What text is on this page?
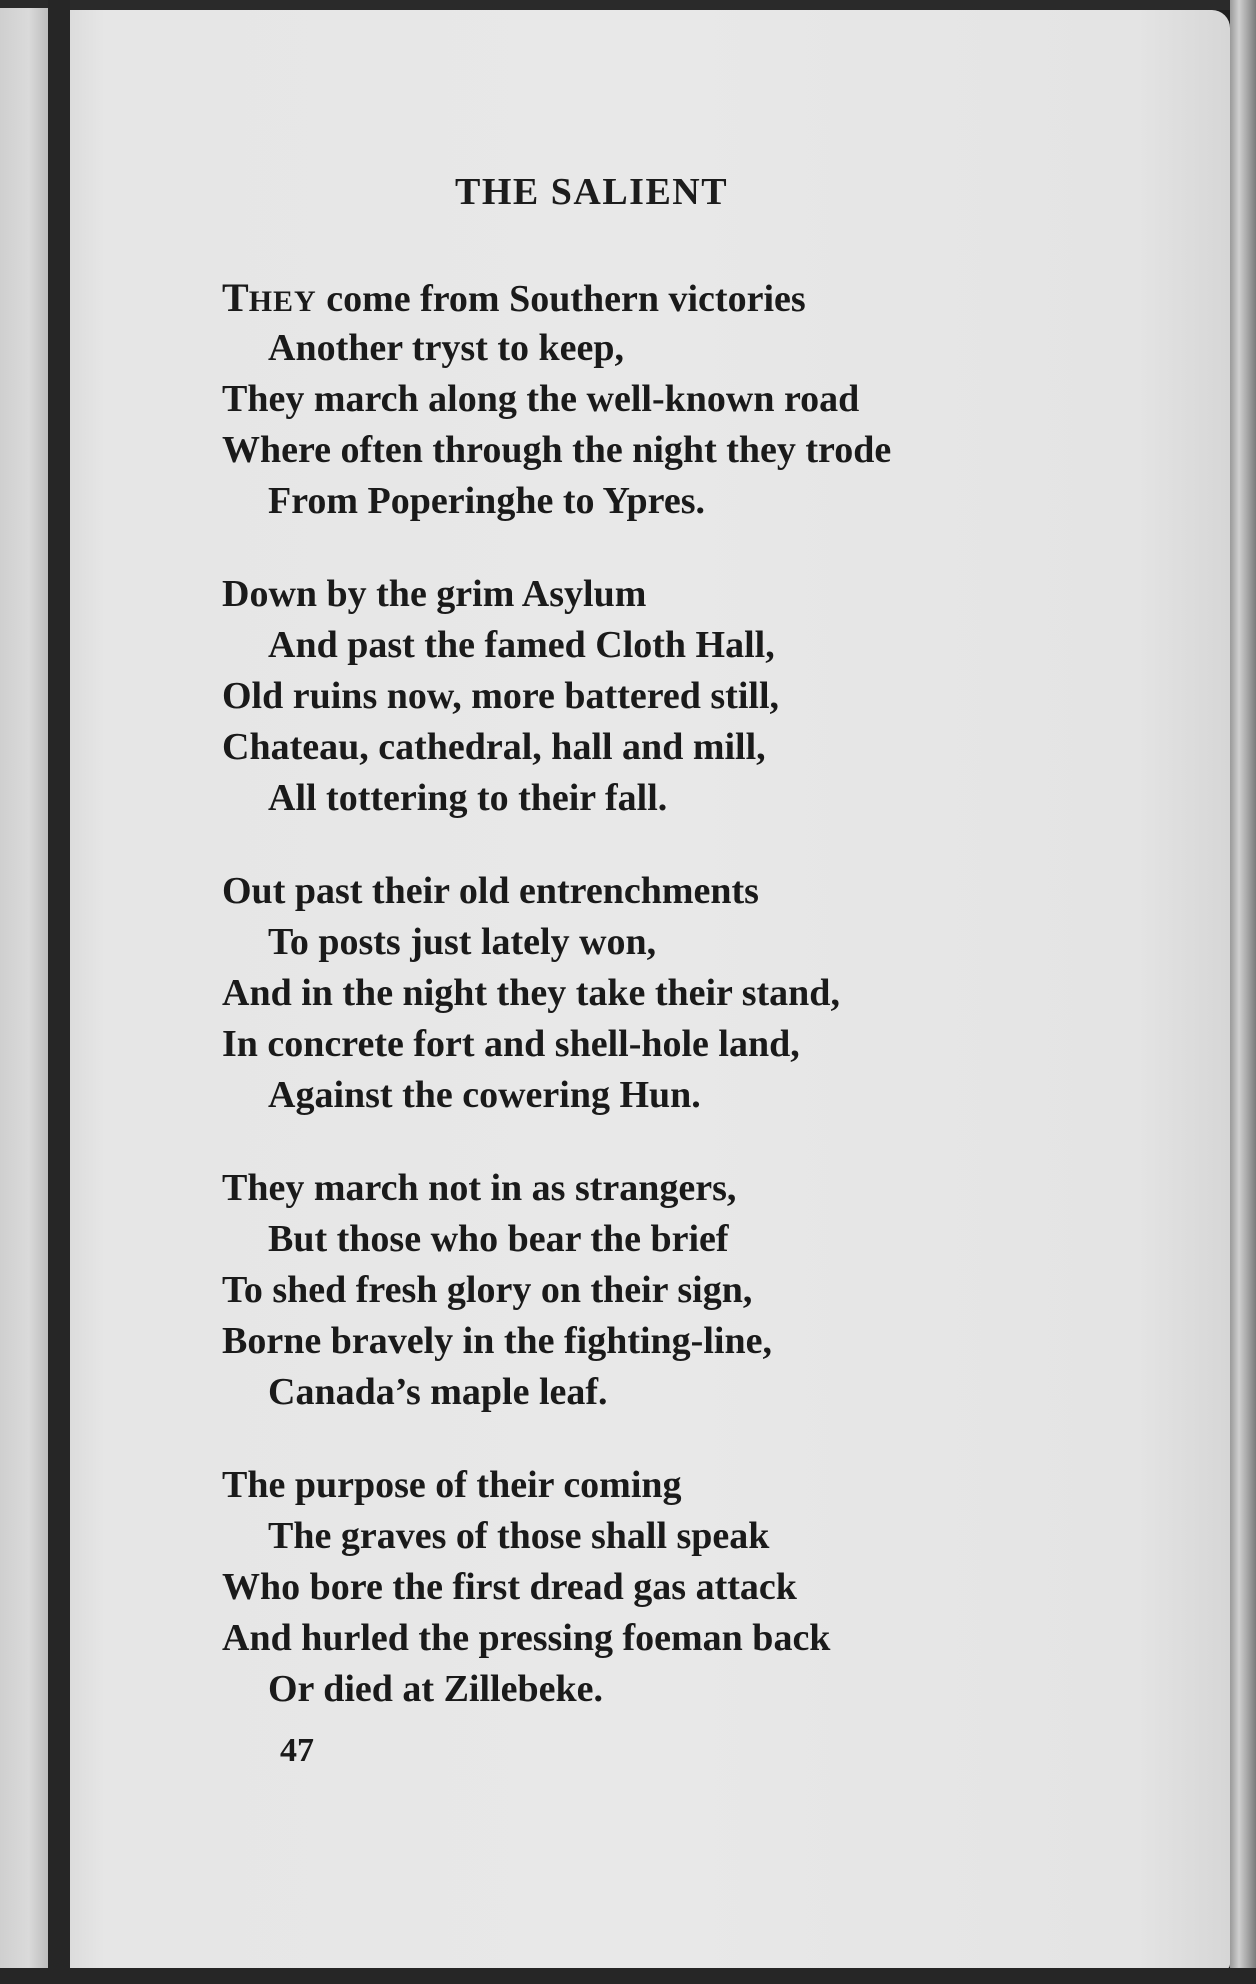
THE SALIENT
THEY come from Southern victories
Another tryst to keep,
They march along the well-known road
Where often through the night they trode
From Poperinghe to Ypres.
Down by the grim Asylum
And past the famed Cloth Hall,
Old ruins now, more battered still,
Chateau, cathedral, hall and mill,
All tottering to their fall.
Out past their old entrenchments
To posts just lately won,
And in the night they take their stand,
In concrete fort and shell-hole land,
Against the cowering Hun.
They march not in as strangers,
But those who bear the brief
To shed fresh glory on their sign,
Borne bravely in the fighting-line,
Canada’s maple leaf.
The purpose of their coming
The graves of those shall speak
Who bore the first dread gas attack
And hurled the pressing foeman back
Or died at Zillebeke.
47
